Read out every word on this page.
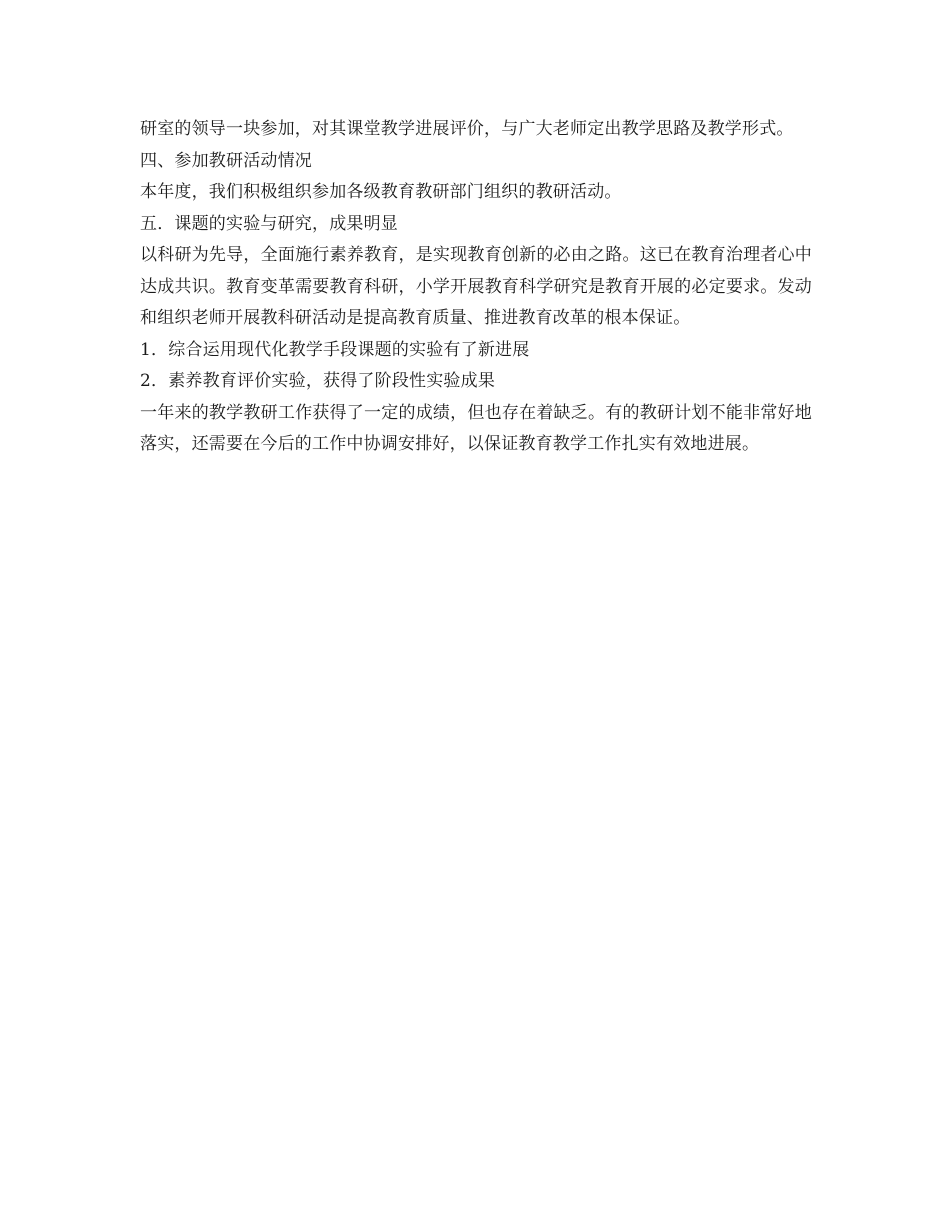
研室的领导一块参加，对其课堂教学进展评价，与广大老师定出教学思路及教学形式。

四、参加教研活动情况

本年度，我们积极组织参加各级教育教研部门组织的教研活动。

五．课题的实验与研究，成果明显

以科研为先导，全面施行素养教育，是实现教育创新的必由之路。这已在教育治理者心中达成共识。教育变革需要教育科研，小学开展教育科学研究是教育开展的必定要求。发动和组织老师开展教科研活动是提高教育质量、推进教育改革的根本保证。

1．综合运用现代化教学手段课题的实验有了新进展

2．素养教育评价实验，获得了阶段性实验成果

一年来的教学教研工作获得了一定的成绩，但也存在着缺乏。有的教研计划不能非常好地落实，还需要在今后的工作中协调安排好，以保证教育教学工作扎实有效地进展。
